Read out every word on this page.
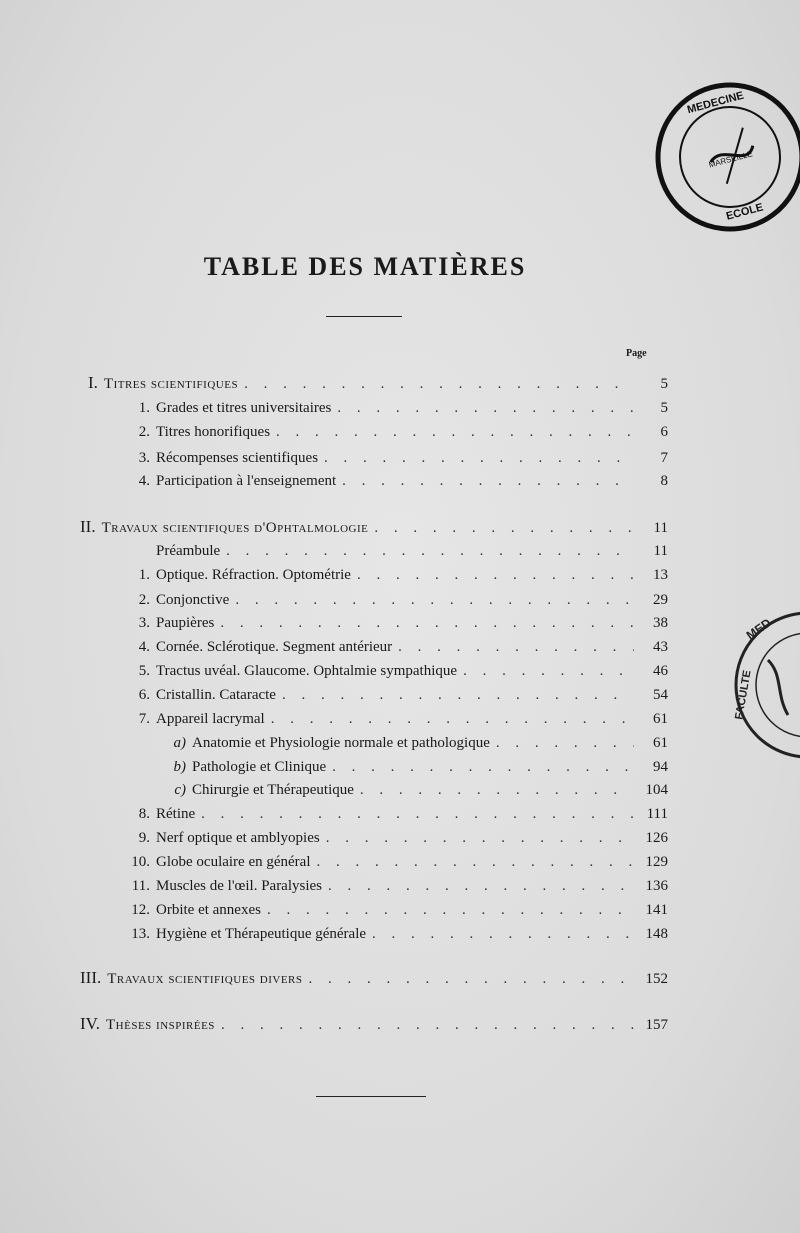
TABLE DES MATIÈRES
Page
I. Titres scientifiques . . .	5
1. Grades et titres universitaires . . .	5
2. Titres honorifiques . . .	6
3. Récompenses scientifiques . . .	7
4. Participation à l'enseignement . . .	8
II. Travaux scientifiques d'Ophtalmologie . . .	11
Préambule . . .	11
1. Optique. Réfraction. Optométrie . . .	13
2. Conjonctive . . .	29
3. Paupières . . .	38
4. Cornée. Sclérotique. Segment antérieur . . .	43
5. Tractus uvéal. Glaucome. Ophtalmie sympathique . . .	46
6. Cristallin. Cataracte . . .	54
7. Appareil lacrymal . . .	61
a) Anatomie et Physiologie normale et pathologique . . .	61
b) Pathologie et Clinique . . .	94
c) Chirurgie et Thérapeutique . . .	104
8. Rétine . . .	111
9. Nerf optique et amblyopies . . .	126
10. Globe oculaire en général . . .	129
11. Muscles de l'œil. Paralysies . . .	136
12. Orbite et annexes . . .	141
13. Hygiène et Thérapeutique générale . . .	148
III. Travaux scientifiques divers . . .	152
IV. Thèses inspirées . . .	157
MEDECINE
ECOLE
MARSEILLE
MED
FACULTE
